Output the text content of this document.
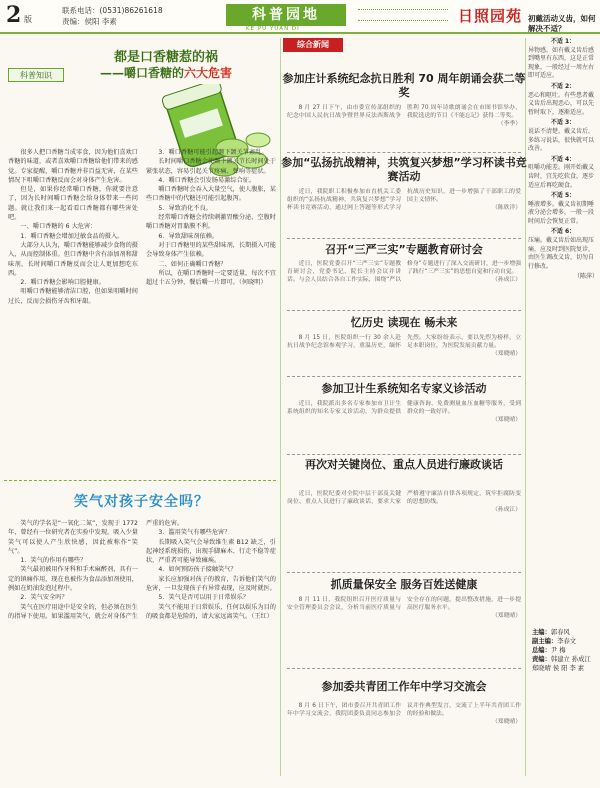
2 版
联系电话：(0531)86261618
责编：侯阳 李素	科普园地
KE PU YUAN DI
日照园苑
都是口香糖惹的祸
——嚼口香糖的六大危害
科普知识

很多人把口香糖当成零食，因为他们喜欢口香糖的味道，或者喜欢嚼口香糖给他们带来的感觉。专家提醒，嚼口香糖并非百益无害，在某些情况下咀嚼口香糖反而会对身体产生危害。

但是，如果你经常嚼口香糖，你就要注意了，因为长时间嚼口香糖会给身体带来一些问题。就让我们来一起看看口香糖都有哪些害处吧。

一、嚼口香糖的 6 大危害：

1．嚼口香糖会增加过敏食品的摄入。

大部分人认为，嚼口香糖能够减少食物的摄入，从而控制体重。但口香糖中含有添加剂和甜味剂，长时间嚼口香糖反而会让人更加想吃东西。

2．嚼口香糖会影响口腔健康。

咀嚼口香糖能够清洁口腔，但如果咀嚼时间过长，反而会损伤牙齿和牙龈。

3．嚼口香糖可能引起颞下颌关节紊乱。

长时间嚼口香糖会使颞下颌关节长时间处于紧张状态，容易引起关节疼痛、弹响等症状。

4．嚼口香糖会引发肠易激综合征。

嚼口香糖时会吞入大量空气，使人腹胀，某些口香糖中的代糖还可能引起腹泻。

5．导致消化不良。

经常嚼口香糖会持续刺激胃酸分泌，空腹时嚼口香糖对胃黏膜不利。

6．导致甜味剂依赖。

对于口香糖里的某些甜味剂，长期摄入可能会导致身体产生依赖。

二、如何正确嚼口香糖？

所以，在嚼口香糖时一定要适量，每次不宜超过十五分钟，餐后嚼一片即可。（何晓明）

笑气对孩子安全吗？

笑气的学名是“一氧化二氮”，发现于 1772 年，曾经有一位研究者在实验中发现，吸入少量笑气可以使人产生欣快感，因此被称作“笑气”。

1．笑气的作用有哪些？

笑气最初被用作牙科和手术麻醉剂，具有一定的镇痛作用，现在也被作为食品添加剂使用，例如在奶油发泡过程中。

2．笑气安全吗？

笑气在医疗用途中是安全的，但必须在医生的指导下使用。如果滥用笑气，就会对身体产生严重的危害。

3．滥用笑气有哪些危害？

长期吸入笑气会导致维生素 B12 缺乏，引起神经系统损伤，出现手脚麻木、行走不稳等症状，严重者可能导致瘫痪。

4．如何预防孩子接触笑气？

家长应加强对孩子的教育，告诉他们笑气的危害，一旦发现孩子有异常表现，应及时就医。

5．笑气是否可以用于日常娱乐？

笑气不能用于日常娱乐，任何以娱乐为目的的吸食都是危险的，请大家远离笑气。（王红）

综合新闻
参加庄计系统纪念抗日胜利 70 周年朗诵会获二等奖

8 月 27 日下午，由市委宣传部组织的纪念中国人民抗日战争暨世界反法西斯战争胜利 70 周年诗歌朗诵会在市图书馆举办，我院选送的节目《不能忘记》获得二等奖。

（李季）
参加“弘扬抗战精神，共筑复兴梦想”学习杯读书竞赛活动

近日，我院职工积极参加市直机关工委组织的“弘扬抗战精神，共筑复兴梦想”学习杯读书竞赛活动，通过网上答题等形式学习抗战历史知识，进一步增强了干部职工的爱国主义情怀。

（陈欣洋）
召开“三严三实”专题教育研讨会

近日，医院党委召开“三严三实”专题教育研讨会，党委书记、院长主持会议并讲话。与会人员结合各自工作实际，围绕“严以修身”专题进行了深入交流研讨，进一步增强了践行“三严三实”的思想自觉和行动自觉。

（孙成江）
忆历史 读现在 畅未来

8 月 15 日，医院组织一行 30 余人赴抗日战争纪念馆参观学习，重温历史，缅怀先烈。大家纷纷表示，要以先烈为榜样，立足本职岗位，为医院发展贡献力量。

（郑晓晴）
参加卫计生系统知名专家义诊活动

近日，我院派出多名专家参加市卫计生系统组织的知名专家义诊活动，为群众提供健康咨询、免费测量血压血糖等服务，受到群众的一致好评。

（郑晓晴）
再次对关键岗位、重点人员进行廉政谈话

近日，医院纪委对全院中层干部及关键岗位、重点人员进行了廉政谈话，要求大家严格遵守廉洁自律各项规定，筑牢拒腐防变的思想防线。

（孙成江）
抓质量保安全 服务百姓送健康

8 月 11 日，我院组织召开医疗质量与安全管理委员会会议，分析当前医疗质量与安全存在的问题，提出整改措施，进一步提高医疗服务水平。

（郑晓晴）
参加委共青团工作年中学习交流会

8 月 6 日下午，团市委召开共青团工作年中学习交流会，我院团委负责同志参加会议并作典型发言，交流了上半年共青团工作的经验和做法。

（郑晓晴）
初戴活动义齿，如何解决不适？
不适 1：
异物感。如有戴义齿后感到嘴里有东西，这是正常现象，一般经过一周左右即可适应。
不适 2：
恶心和呕吐。有些患者戴义齿后出现恶心，可以先暂时取下，逐渐适应。
不适 3：
说话不清楚。戴义齿后，多练习说话，很快就可以改善。
不适 4：
咀嚼功能差。刚开始戴义齿时，宜先吃软食，逐步适应后再吃硬食。
不适 5：
唾液增多。戴义齿初期唾液分泌会增多，一般一段时间后会恢复正常。
不适 6：
压痛。戴义齿后如出现压痛，应及时到医院复诊，由医生调改义齿，切勿自行修改。
（陈萍）
主编：郭春风
副主编：李春文
总编：尹 梅
责编：韩建立 孙成江 郑晓晴 侯 阳 李 素
